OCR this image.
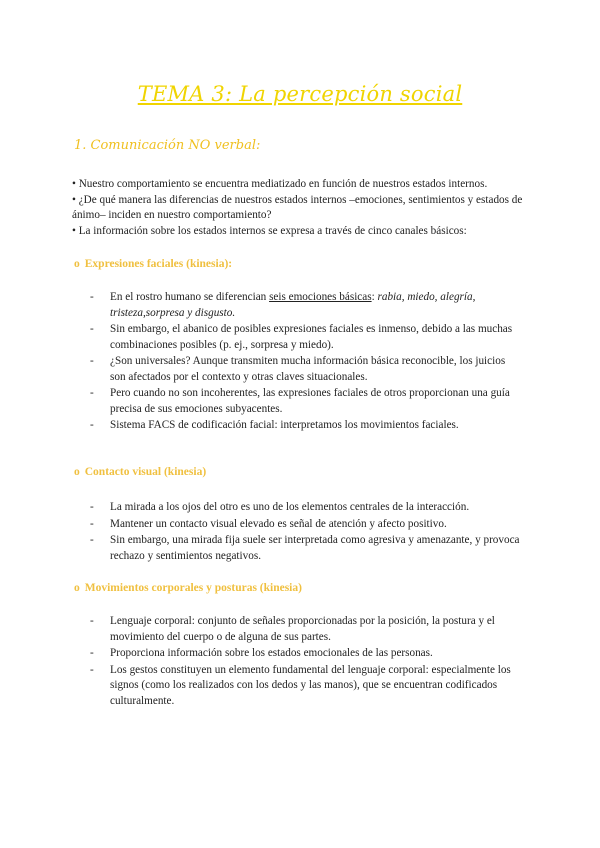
TEMA 3: La percepción social
1. Comunicación NO verbal:

• Nuestro comportamiento se encuentra mediatizado en función de nuestros estados internos.

• ¿De qué manera las diferencias de nuestros estados internos –emociones, sentimientos y estados de ánimo– inciden en nuestro comportamiento?

• La información sobre los estados internos se expresa a través de cinco canales básicos:

o Expresiones faciales (kinesia):
- En el rostro humano se diferencian seis emociones básicas: rabia, miedo, alegría, tristeza,sorpresa y disgusto.
- Sin embargo, el abanico de posibles expresiones faciales es inmenso, debido a las muchas combinaciones posibles (p. ej., sorpresa y miedo).
- ¿Son universales? Aunque transmiten mucha información básica reconocible, los juicios son afectados por el contexto y otras claves situacionales.
- Pero cuando no son incoherentes, las expresiones faciales de otros proporcionan una guía precisa de sus emociones subyacentes.
- Sistema FACS de codificación facial: interpretamos los movimientos faciales.
o Contacto visual (kinesia)
- La mirada a los ojos del otro es uno de los elementos centrales de la interacción.
- Mantener un contacto visual elevado es señal de atención y afecto positivo.
- Sin embargo, una mirada fija suele ser interpretada como agresiva y amenazante, y provoca rechazo y sentimientos negativos.
o Movimientos corporales y posturas (kinesia)
- Lenguaje corporal: conjunto de señales proporcionadas por la posición, la postura y el movimiento del cuerpo o de alguna de sus partes.
- Proporciona información sobre los estados emocionales de las personas.
- Los gestos constituyen un elemento fundamental del lenguaje corporal: especialmente los signos (como los realizados con los dedos y las manos), que se encuentran codificados culturalmente.
